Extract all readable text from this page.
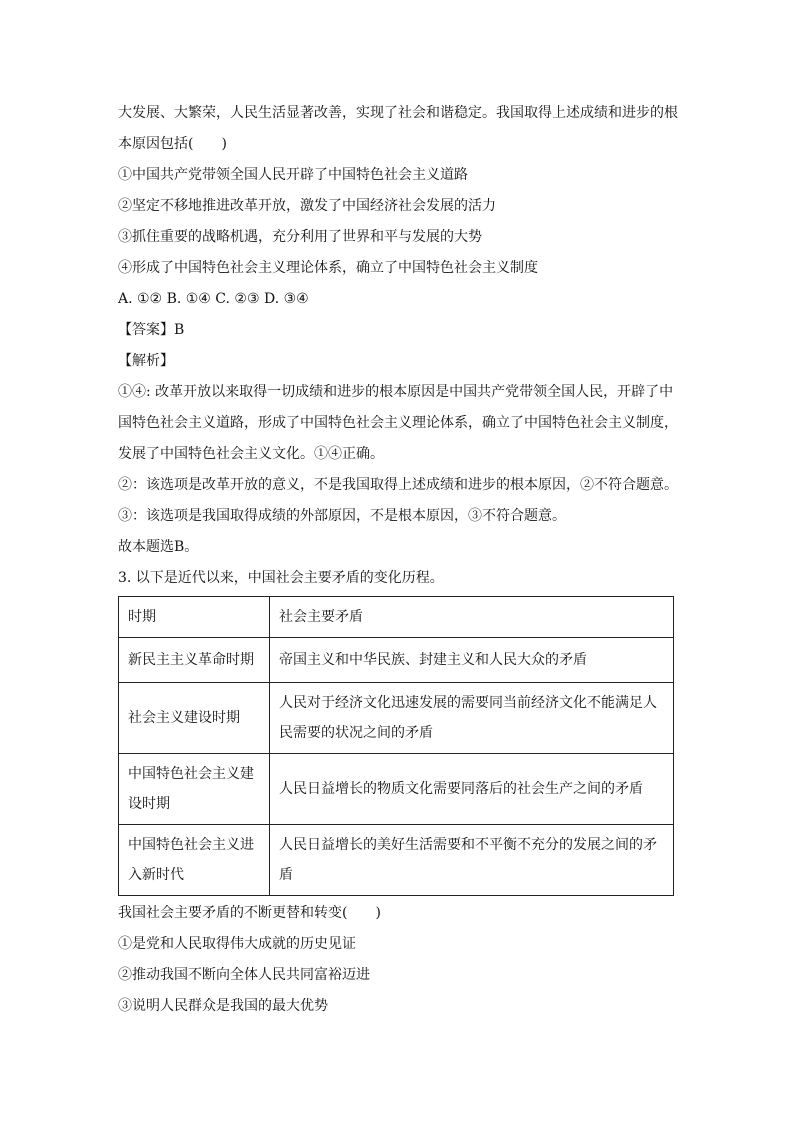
大发展、大繁荣，人民生活显著改善，实现了社会和谐稳定。我国取得上述成绩和进步的根
本原因包括(　　)
①中国共产党带领全国人民开辟了中国特色社会主义道路
②坚定不移地推进改革开放，激发了中国经济社会发展的活力
③抓住重要的战略机遇，充分利用了世界和平与发展的大势
④形成了中国特色社会主义理论体系，确立了中国特色社会主义制度
A. ①② B. ①④ C. ②③ D. ③④
【答案】B
【解析】
①④: 改革开放以来取得一切成绩和进步的根本原因是中国共产党带领全国人民，开辟了中
国特色社会主义道路，形成了中国特色社会主义理论体系，确立了中国特色社会主义制度，
发展了中国特色社会主义文化。①④正确。
②：该选项是改革开放的意义，不是我国取得上述成绩和进步的根本原因，②不符合题意。
③：该选项是我国取得成绩的外部原因，不是根本原因，③不符合题意。
故本题选B。
3. 以下是近代以来，中国社会主要矛盾的变化历程。
时期	社会主要矛盾
新民主主义革命时期	帝国主义和中华民族、封建主义和人民大众的矛盾
社会主义建设时期	人民对于经济文化迅速发展的需要同当前经济文化不能满足人民需要的状况之间的矛盾
中国特色社会主义建设时期	人民日益增长的物质文化需要同落后的社会生产之间的矛盾
中国特色社会主义进入新时代	人民日益增长的美好生活需要和不平衡不充分的发展之间的矛盾
我国社会主要矛盾的不断更替和转变(　　)
①是党和人民取得伟大成就的历史见证
②推动我国不断向全体人民共同富裕迈进
③说明人民群众是我国的最大优势
